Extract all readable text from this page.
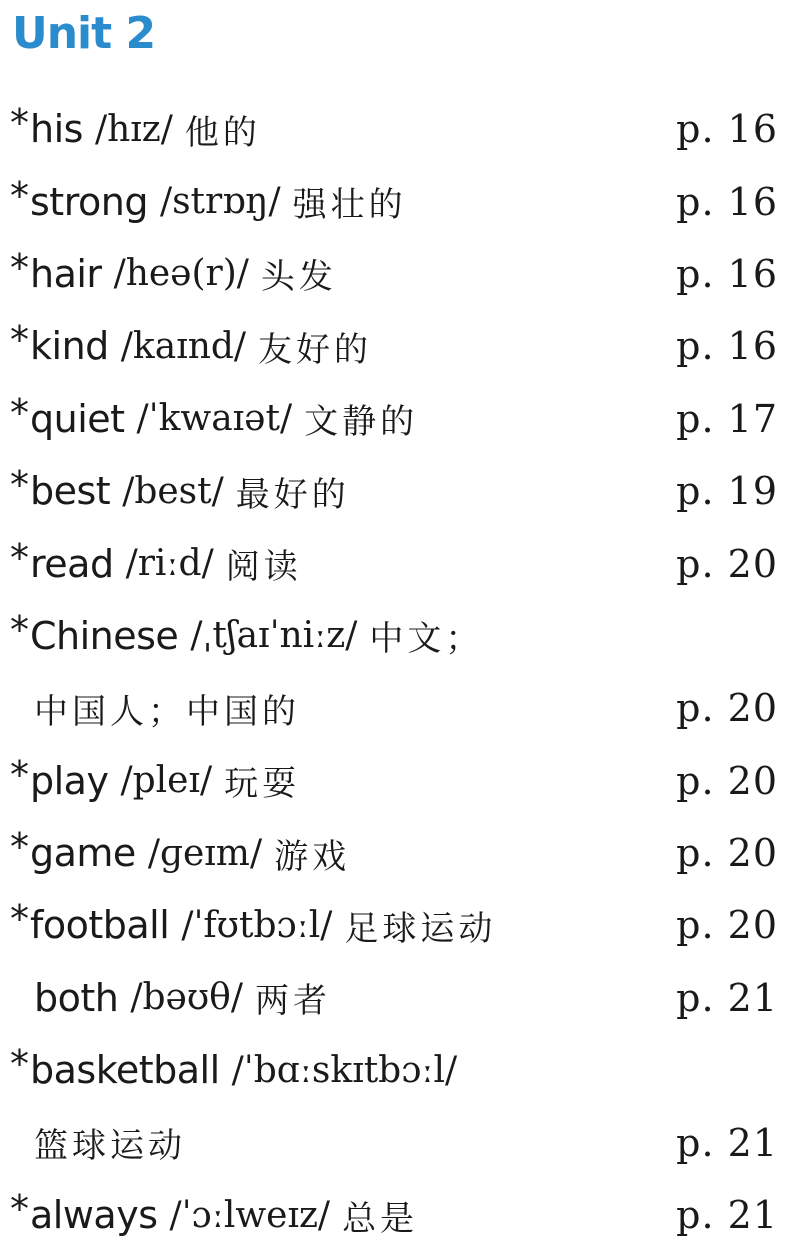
Unit 2
* his /hɪz/ 他的	p. 16
* strong /strɒŋ/ 强壮的	p. 16
* hair /heə(r)/ 头发	p. 16
* kind /kaɪnd/ 友好的	p. 16
* quiet /ˈkwaɪət/ 文静的	p. 17
* best /best/ 最好的	p. 19
* read /riːd/ 阅读	p. 20
* Chinese /ˌtʃaɪˈniːz/ 中文；
中国人；中国的	p. 20
* play /pleɪ/ 玩耍	p. 20
* game /ɡeɪm/ 游戏	p. 20
* football /ˈfʊtbɔːl/ 足球运动	p. 20
both /bəʊθ/ 两者	p. 21
* basketball /ˈbɑːskɪtbɔːl/
篮球运动	p. 21
* always /ˈɔːlweɪz/ 总是	p. 21
